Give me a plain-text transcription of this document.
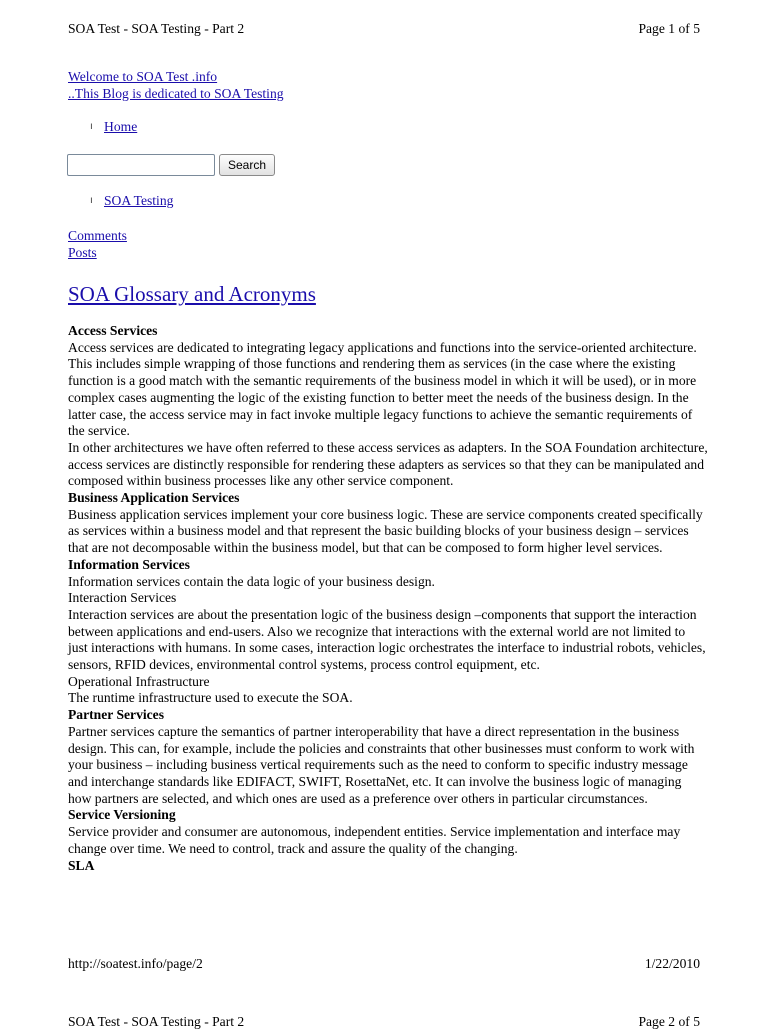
SOA Test - SOA Testing - Part 2	Page 1 of 5
Welcome to SOA Test .info
..This Blog is dedicated to SOA Testing
ı Home
Search
ı SOA Testing
Comments
Posts
SOA Glossary and Acronyms

Access Services

Access services are dedicated to integrating legacy applications and functions into the service-oriented architecture. This includes simple wrapping of those functions and rendering them as services (in the case where the existing function is a good match with the semantic requirements of the business model in which it will be used), or in more complex cases augmenting the logic of the existing function to better meet the needs of the business design. In the latter case, the access service may in fact invoke multiple legacy functions to achieve the semantic requirements of the service.

In other architectures we have often referred to these access services as adapters. In the SOA Foundation architecture, access services are distinctly responsible for rendering these adapters as services so that they can be manipulated and composed within business processes like any other service component.

Business Application Services

Business application services implement your core business logic. These are service components created specifically as services within a business model and that represent the basic building blocks of your business design – services that are not decomposable within the business model, but that can be composed to form higher level services.

Information Services

Information services contain the data logic of your business design.

Interaction Services

Interaction services are about the presentation logic of the business design –components that support the interaction between applications and end-users. Also we recognize that interactions with the external world are not limited to just interactions with humans. In some cases, interaction logic orchestrates the interface to industrial robots, vehicles, sensors, RFID devices, environmental control systems, process control equipment, etc.

Operational Infrastructure

The runtime infrastructure used to execute the SOA.

Partner Services

Partner services capture the semantics of partner interoperability that have a direct representation in the business design. This can, for example, include the policies and constraints that other businesses must conform to work with your business – including business vertical requirements such as the need to conform to specific industry message and interchange standards like EDIFACT, SWIFT, RosettaNet, etc. It can involve the business logic of managing how partners are selected, and which ones are used as a preference over others in particular circumstances.

Service Versioning

Service provider and consumer are autonomous, independent entities. Service implementation and interface may change over time. We need to control, track and assure the quality of the changing.

SLA

http://soatest.info/page/2	1/22/2010
SOA Test - SOA Testing - Part 2	Page 2 of 5
